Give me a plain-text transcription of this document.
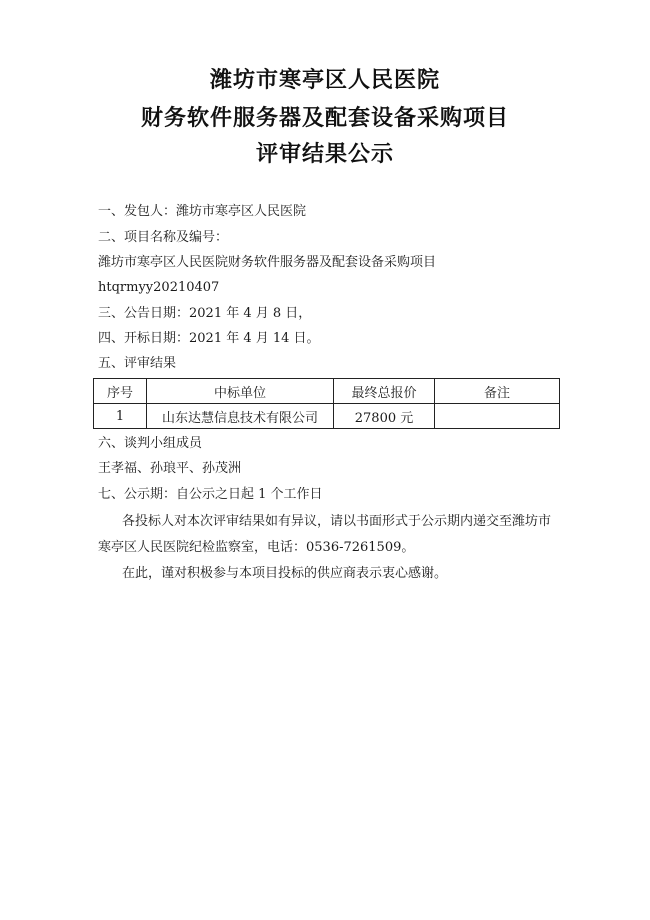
潍坊市寒亭区人民医院
财务软件服务器及配套设备采购项目
评审结果公示
一、发包人：潍坊市寒亭区人民医院
二、项目名称及编号：
潍坊市寒亭区人民医院财务软件服务器及配套设备采购项目
htqrmyy20210407
三、公告日期：2021 年 4 月 8 日，
四、开标日期：2021 年 4 月 14 日。
五、评审结果
序号	中标单位	最终总报价	备注
1	山东达慧信息技术有限公司	27800 元	
六、谈判小组成员
王孝福、孙琅平、孙茂洲
七、公示期：自公示之日起 1 个工作日
各投标人对本次评审结果如有异议，请以书面形式于公示期内递交至潍坊市
寒亭区人民医院纪检监察室，电话：0536-7261509。
在此，谨对积极参与本项目投标的供应商表示衷心感谢。
